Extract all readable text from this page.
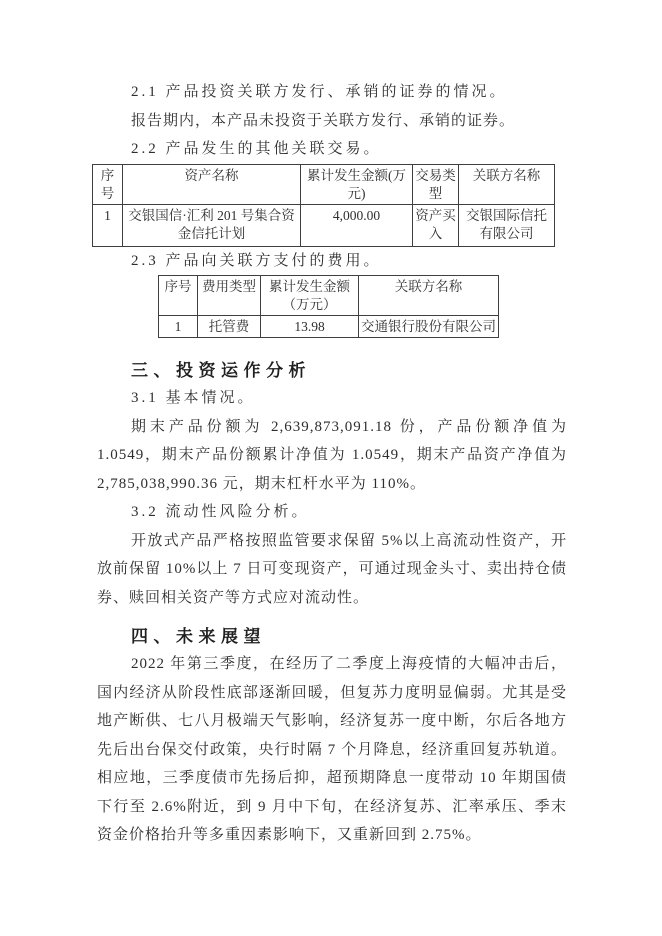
2.1 产品投资关联方发行、承销的证券的情况。

报告期内，本产品未投资于关联方发行、承销的证券。

2.2 产品发生的其他关联交易。

序号	资产名称	累计发生金额(万元)	交易类型	关联方名称
1	交银国信·汇利 201 号集合资金信托计划	4,000.00	资产买入	交银国际信托有限公司

2.3 产品向关联方支付的费用。

序号	费用类型	累计发生金额（万元）	关联方名称
1	托管费	13.98	交通银行股份有限公司
三、投资运作分析

3.1 基本情况。

期末产品份额为 2,639,873,091.18 份，产品份额净值为 1.0549，期末产品份额累计净值为 1.0549，期末产品资产净值为 2,785,038,990.36 元，期末杠杆水平为 110%。

3.2 流动性风险分析。

开放式产品严格按照监管要求保留 5%以上高流动性资产，开放前保留 10%以上 7 日可变现资产，可通过现金头寸、卖出持仓债券、赎回相关资产等方式应对流动性。

四、未来展望

2022 年第三季度，在经历了二季度上海疫情的大幅冲击后，国内经济从阶段性底部逐渐回暖，但复苏力度明显偏弱。尤其是受地产断供、七八月极端天气影响，经济复苏一度中断，尔后各地方先后出台保交付政策，央行时隔 7 个月降息，经济重回复苏轨道。相应地，三季度债市先扬后抑，超预期降息一度带动 10 年期国债下行至 2.6%附近，到 9 月中下旬，在经济复苏、汇率承压、季末资金价格抬升等多重因素影响下，又重新回到 2.75%。
